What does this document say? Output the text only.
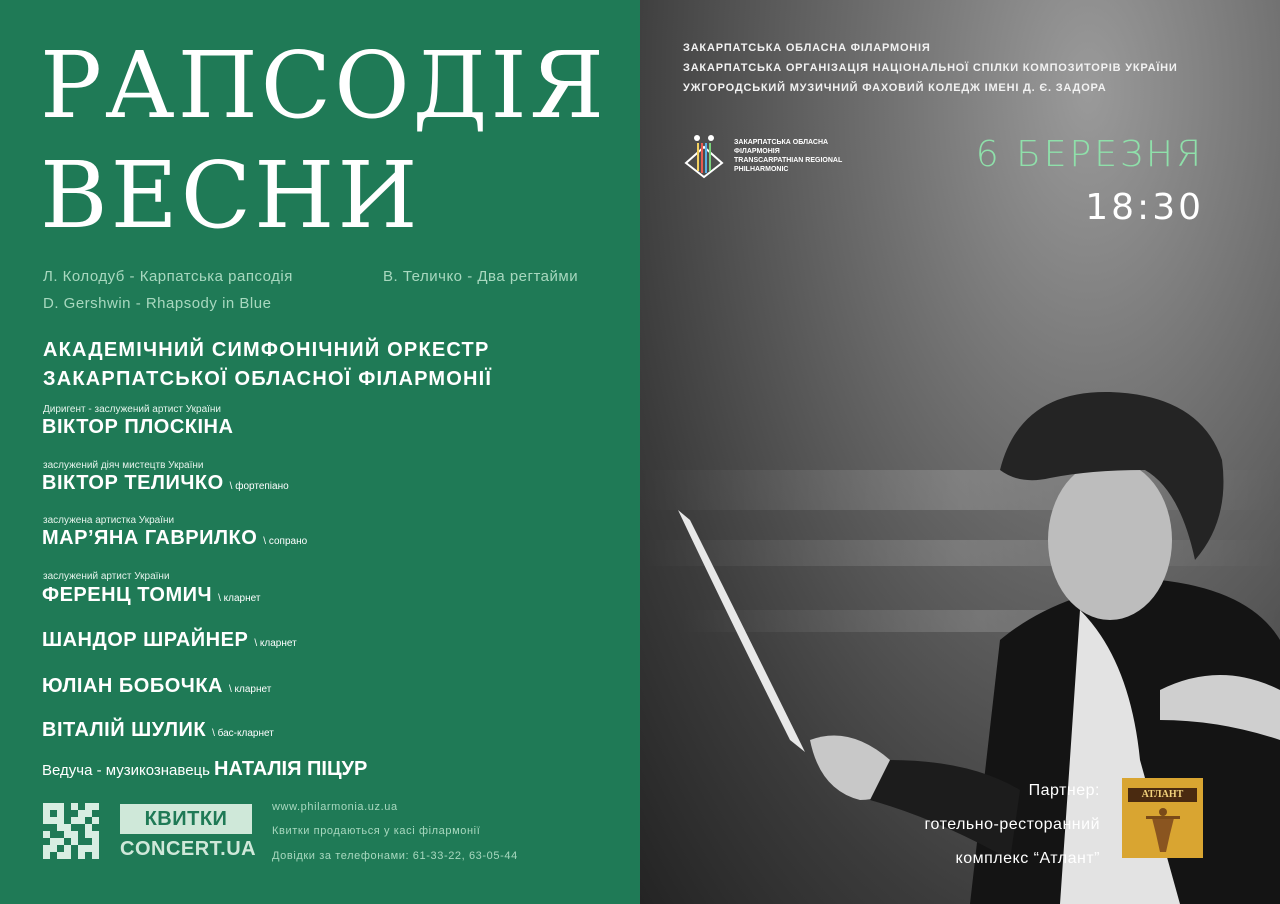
РАПСОДІЯ
ВЕСНИ
Л. Колодуб - Карпатська рапсодія	В. Теличко - Два регтайми
D. Gershwin - Rhapsody in Blue
АКАДЕМІЧНИЙ СИМФОНІЧНИЙ ОРКЕСТР
ЗАКАРПАТСЬКОЇ ОБЛАСНОЇ ФІЛАРМОНІЇ
Диригент - заслужений артист України
ВІКТОР ПЛОСКІНА
заслужений діяч мистецтв України
ВІКТОР ТЕЛИЧКО \ фортепіано
заслужена артистка України
МАР’ЯНА ГАВРИЛКО \ сопрано
заслужений артист України
ФЕРЕНЦ ТОМИЧ \ кларнет
ШАНДОР ШРАЙНЕР \ кларнет
ЮЛІАН БОБОЧКА \ кларнет
ВІТАЛІЙ ШУЛИК \ бас-кларнет
Ведуча - музикознавець НАТАЛІЯ ПІЦУР
КВИТКИ
CONCERT.UA
www.philarmonia.uz.ua
Квитки продаються у касі філармонії
Довідки за телефонами: 61-33-22, 63-05-44
ЗАКАРПАТСЬКА ОБЛАСНА ФІЛАРМОНІЯ
ЗАКАРПАТСЬКА ОРГАНІЗАЦІЯ НАЦІОНАЛЬНОЇ СПІЛКИ КОМПОЗИТОРІВ УКРАЇНИ
УЖГОРОДСЬКИЙ МУЗИЧНИЙ ФАХОВИЙ КОЛЕДЖ ІМЕНІ Д. Є. ЗАДОРА
ЗАКАРПАТСЬКА ОБЛАСНА
ФІЛАРМОНІЯ
TRANSCARPATHIAN REGIONAL
PHILHARMONIC	6 БЕРЕЗНЯ
18:30
Партнер:
готельно-ресторанний
комплекс “Атлант”
АТЛАНТ
